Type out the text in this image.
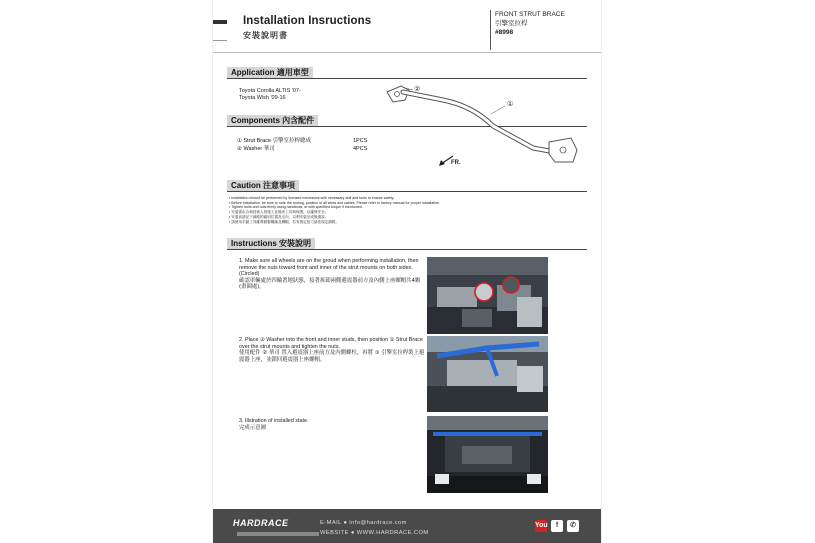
Installation Insructions
安裝說明書
FRONT STRUT BRACE
引擎室拉桿
#8998
Application 適用車型
Toyota Corolla ALTIS '07-
Toyota Wish '09-16
Components 內含配件
① Strut Brace 引擎室拉桿總成	1PCS
② Washer 華司	4PCS
①
②
FR.
Caution 注意事項
• Installation should be performed by licensed mechanics with necessary skill and tools to ensure safety.
• Before installation, be sure to note the routing, position of all wires and cables. Please refer to factory manual for proper installation.
• Tighten bolts and nuts firmly using handtools, or with specified torque if mentioned.
• 安裝需由合格技術人員施工並備妥工具與保護，以確保安全。
• 安裝前請記下線路的確切位置及走向，以利安裝完成後復原。
• 請使用手動工具確實鎖緊螺絲及螺帽，若有指定扭力請依規定鎖附。
Instructions 安裝說明
1. Make sure all wheels are on the groud when performing installation, then remove the nuts toward front and inner of the strut mounts on both sides. (Circled)
確認車輛處於四輪著地狀態，接著拆卸兩側避震器前方及內側上座螺帽共4顆(畫圈處)。
2. Place ② Washer into the front and inner studs, then position ① Strut Brace over the strut mounts and tighten the nuts.
使用配件 ② 華司 置入避震器上座前方及內側螺柱，再將 ① 引擎室拉桿裝上避震器上座，並鎖回避震器上座螺帽。
3. Illstration of installed state.
完成示意圖
HARDRACE	E-MAIL ● info@hardrace.com
WEBSITE ● WWW.HARDRACE.COM
You	f	✆
